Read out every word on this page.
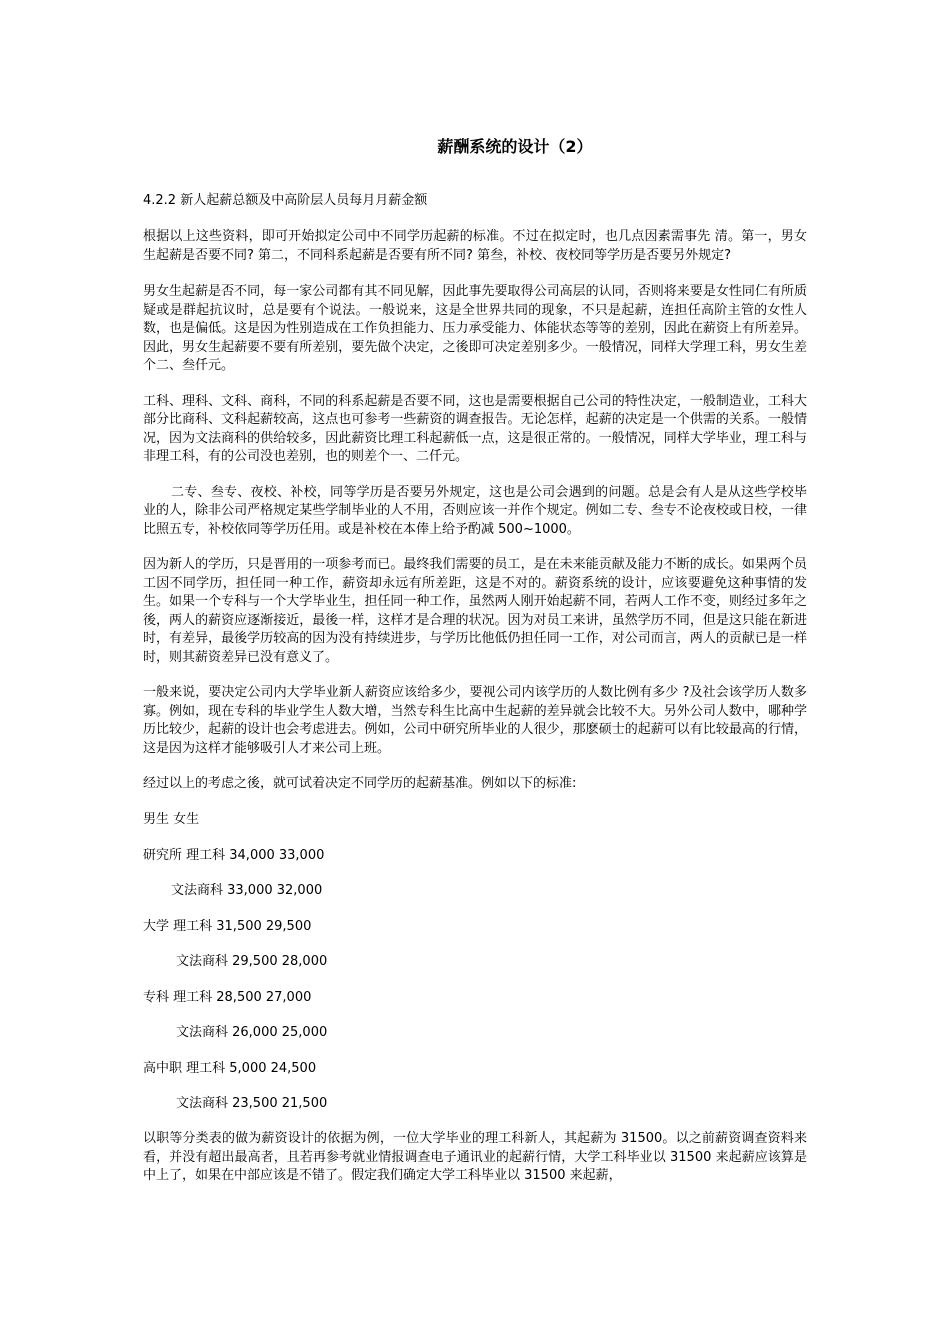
薪酬系统的设计（2）
4.2.2 新人起薪总额及中高阶层人员每月月薪金额

根据以上这些资料，即可开始拟定公司中不同学历起薪的标准。不过在拟定时，也几点因素需事先 清。第一，男女生起薪是否要不同? 第二，不同科系起薪是否要有所不同? 第叁，补校、夜校同等学历是否要另外规定?

男女生起薪是否不同，每一家公司都有其不同见解，因此事先要取得公司高层的认同，否则将来要是女性同仁有所质疑或是群起抗议时，总是要有个说法。一般说来，这是全世界共同的现象，不只是起薪，连担任高阶主管的女性人数，也是偏低。这是因为性别造成在工作负担能力、压力承受能力、体能状态等等的差别，因此在薪资上有所差异。因此，男女生起薪要不要有所差别，要先做个决定，之後即可决定差别多少。一般情况，同样大学理工科，男女生差个二、叁仟元。

工科、理科、文科、商科，不同的科系起薪是否要不同，这也是需要根据自己公司的特性决定，一般制造业，工科大部分比商科、文科起薪较高，这点也可参考一些薪资的调查报告。无论怎样，起薪的决定是一个供需的关系。一般情况，因为文法商科的供给较多，因此薪资比理工科起薪低一点，这是很正常的。一般情况，同样大学毕业，理工科与非理工科，有的公司没也差别，也的则差个一、二仟元。

二专、叁专、夜校、补校，同等学历是否要另外规定，这也是公司会遇到的问题。总是会有人是从这些学校毕业的人，除非公司严格规定某些学制毕业的人不用，否则应该一并作个规定。例如二专、叁专不论夜校或日校，一律比照五专，补校依同等学历任用。或是补校在本俸上给予酌减 500~1000。

因为新人的学历，只是晋用的一项参考而已。最终我们需要的员工，是在未来能贡献及能力不断的成长。如果两个员工因不同学历，担任同一种工作，薪资却永远有所差距，这是不对的。薪资系统的设计，应该要避免这种事情的发生。如果一个专科与一个大学毕业生，担任同一种工作，虽然两人刚开始起薪不同，若两人工作不变，则经过多年之後，两人的薪资应逐渐接近，最後一样，这样才是合理的状况。因为对员工来讲，虽然学历不同，但是这只能在新进时，有差异，最後学历较高的因为没有持续进步，与学历比他低仍担任同一工作，对公司而言，两人的贡献已是一样时，则其薪资差异已没有意义了。

一般来说，要决定公司内大学毕业新人薪资应该给多少，要视公司内该学历的人数比例有多少 ?及社会该学历人数多寡。例如，现在专科的毕业学生人数大增，当然专科生比高中生起薪的差异就会比较不大。另外公司人数中，哪种学历比较少，起薪的设计也会考虑进去。例如，公司中研究所毕业的人很少，那麽硕士的起薪可以有比较最高的行情，这是因为这样才能够吸引人才来公司上班。

经过以上的考虑之後，就可试着决定不同学历的起薪基准。例如以下的标准:

男生 女生

研究所 理工科 34,000 33,000

文法商科 33,000 32,000

大学 理工科 31,500 29,500

文法商科 29,500 28,000

专科 理工科 28,500 27,000

文法商科 26,000 25,000

高中职 理工科 5,000 24,500

文法商科 23,500 21,500

以职等分类表的做为薪资设计的依据为例，一位大学毕业的理工科新人，其起薪为 31500。以之前薪资调查资料来看，并没有超出最高者，且若再参考就业情报调查电子通讯业的起薪行情，大学工科毕业以 31500 来起薪应该算是中上了，如果在中部应该是不错了。假定我们确定大学工科毕业以 31500 来起薪，
